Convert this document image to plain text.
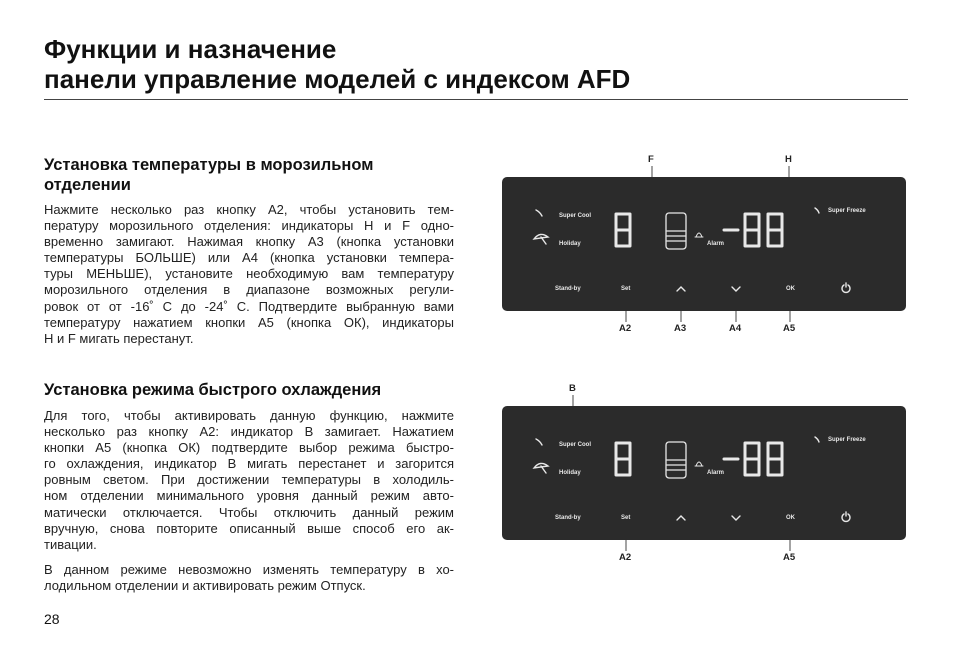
Функции и назначение
панели управление моделей с индексом AFD
Установка температуры в морозильном
отделении
Нажмите несколько раз кнопку А2, чтобы установить тем-
пературу морозильного отделения: индикаторы H и F одно-
временно замигают. Нажимая кнопку А3 (кнопка установки
температуры БОЛЬШЕ) или А4 (кнопка установки темпера-
туры МЕНЬШЕ), установите необходимую вам температуру
морозильного отделения в диапазоне возможных регули-
ровок от от -16˚ С до -24˚ С. Подтвердите выбранную вами
температуру нажатием кнопки А5 (кнопка ОК), индикаторы
H и F мигать перестанут.
Установка режима быстрого охлаждения
Для того, чтобы активировать данную функцию, нажмите
несколько раз кнопку А2: индикатор В замигает. Нажатием
кнопки А5 (кнопка ОК) подтвердите выбор режима быстро-
го охлаждения, индикатор В мигать перестанет и загорится
ровным светом. При достижении температуры в холодиль-
ном отделении минимального уровня данный режим авто-
матически отключается. Чтобы отключить данный режим
вручную, снова повторите описанный выше способ его ак-
тивации.
В данном режиме невозможно изменять температуру в хо-
лодильном отделении и активировать режим Отпуск.
28
F	H
A2	A3	A4	A5
Super Cool
Holiday	Alarm
Super Freeze
Stand-by	Set	OK
B
A2	A5
Super Cool
Holiday	Alarm
Super Freeze
Stand-by	Set	OK
